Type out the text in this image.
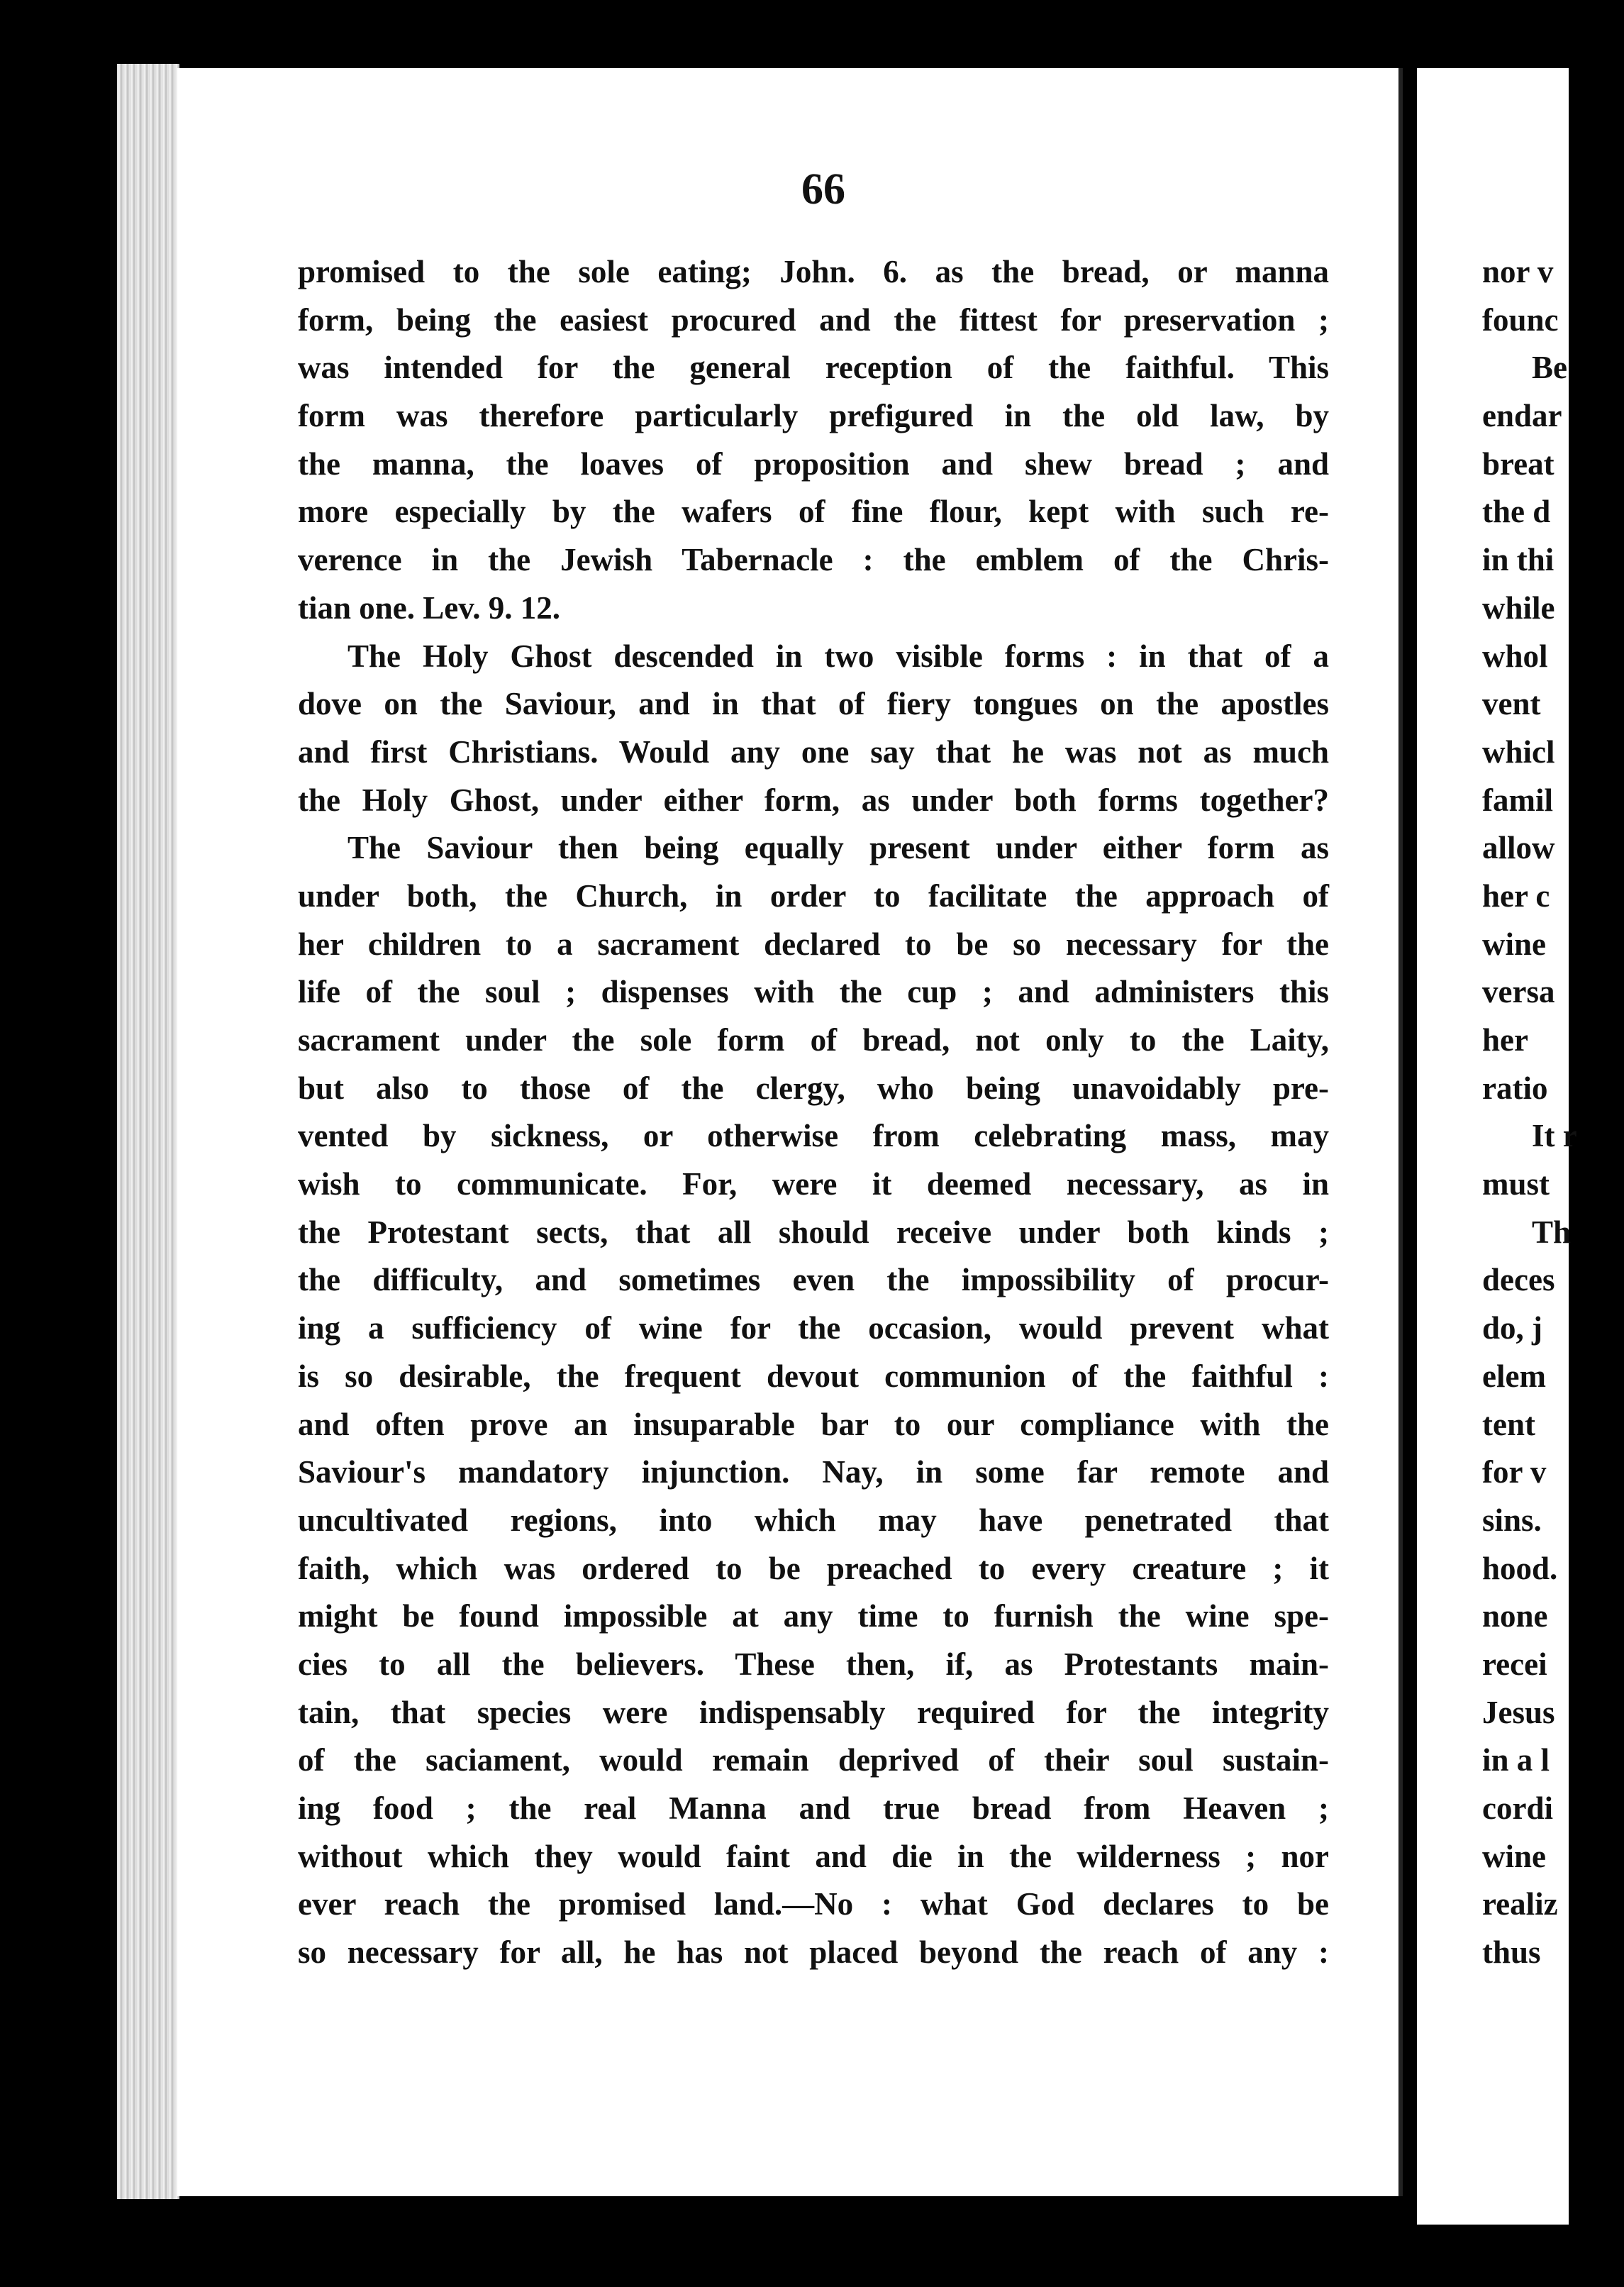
66
promised to the sole eating; John. 6. as the bread, or manna
form, being the easiest procured and the fittest for preservation ;
was intended for the general reception of the faithful. This
form was therefore particularly prefigured in the old law, by
the manna, the loaves of proposition and shew bread ; and
more especially by the wafers of fine flour, kept with such re-
verence in the Jewish Tabernacle : the emblem of the Chris-
tian one. Lev. 9. 12.
The Holy Ghost descended in two visible forms : in that of a
dove on the Saviour, and in that of fiery tongues on the apostles
and first Christians. Would any one say that he was not as much
the Holy Ghost, under either form, as under both forms together?
The Saviour then being equally present under either form as
under both, the Church, in order to facilitate the approach of
her children to a sacrament declared to be so necessary for the
life of the soul ; dispenses with the cup ; and administers this
sacrament under the sole form of bread, not only to the Laity,
but also to those of the clergy, who being unavoidably pre-
vented by sickness, or otherwise from celebrating mass, may
wish to communicate. For, were it deemed necessary, as in
the Protestant sects, that all should receive under both kinds ;
the difficulty, and sometimes even the impossibility of procur-
ing a sufficiency of wine for the occasion, would prevent what
is so desirable, the frequent devout communion of the faithful :
and often prove an insuparable bar to our compliance with the
Saviour's mandatory injunction. Nay, in some far remote and
uncultivated regions, into which may have penetrated that
faith, which was ordered to be preached to every creature ; it
might be found impossible at any time to furnish the wine spe-
cies to all the believers. These then, if, as Protestants main-
tain, that species were indispensably required for the integrity
of the saciament, would remain deprived of their soul sustain-
ing food ; the real Manna and true bread from Heaven ;
without which they would faint and die in the wilderness ; nor
ever reach the promised land.—No : what God declares to be
so necessary for all, he has not placed beyond the reach of any :
nor v
founc
Be
endar
breat
the d
in thi
while
whol
vent
whicl
famil
allow
her c
wine
versa
her
ratio
It r
must
Th
deces
do, j
elem
tent
for v
sins.
hood.
none
recei
Jesus
in a l
cordi
wine
realiz
thus
